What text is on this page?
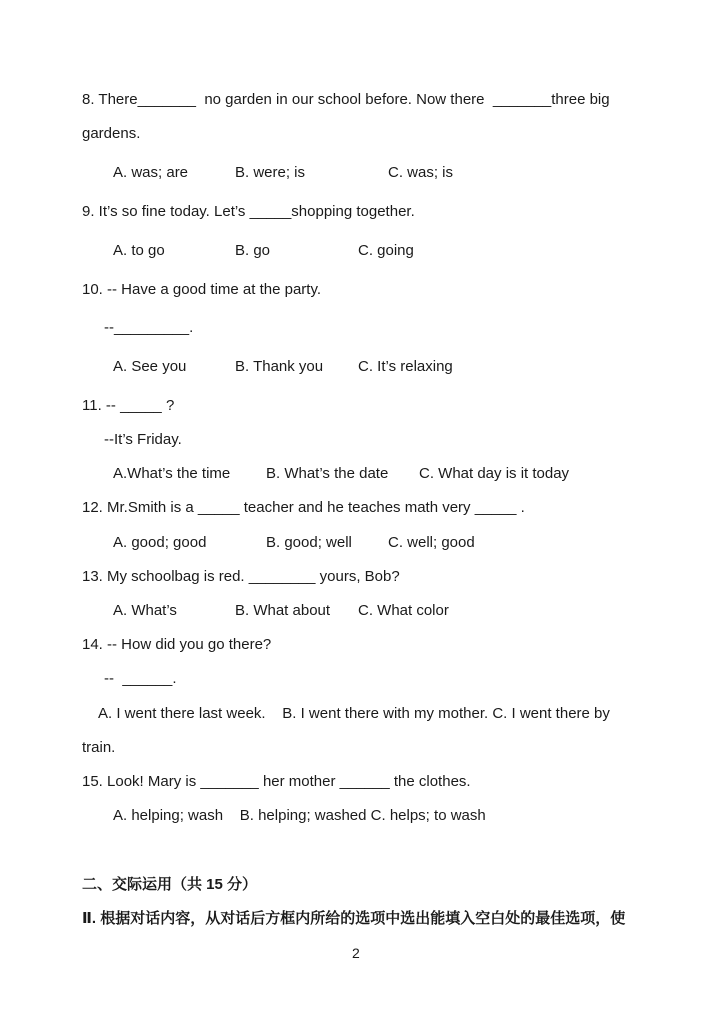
8. There_______  no garden in our school before. Now there  _______three big
gardens.
A. was; are	B. were; is	C. was; is
9. It’s so fine today. Let’s _____shopping together.
A. to go	B. go	C. going
10. -- Have a good time at the party.
--_________.
A. See you	B. Thank you C. It’s relaxing
11. -- _____ ?
--It’s Friday.
A.What’s the time B. What’s the date C. What day is it today
12. Mr.Smith is a _____ teacher and he teaches math very _____ .
A. good; good	B. good; well C. well; good
13. My schoolbag is red. ________ yours, Bob?
A. What’s	B. What about C. What color
14. -- How did you go there?
--  ______.
A. I went there last week.    B. I went there with my mother. C. I went there by
train.
15. Look! Mary is _______ her mother ______ the clothes.
A. helping; wash    B. helping; washed C. helps; to wash
二、交际运用（共 15 分）
Ⅱ. 根据对话内容，从对话后方框内所给的选项中选出能填入空白处的最佳选项，使
2
